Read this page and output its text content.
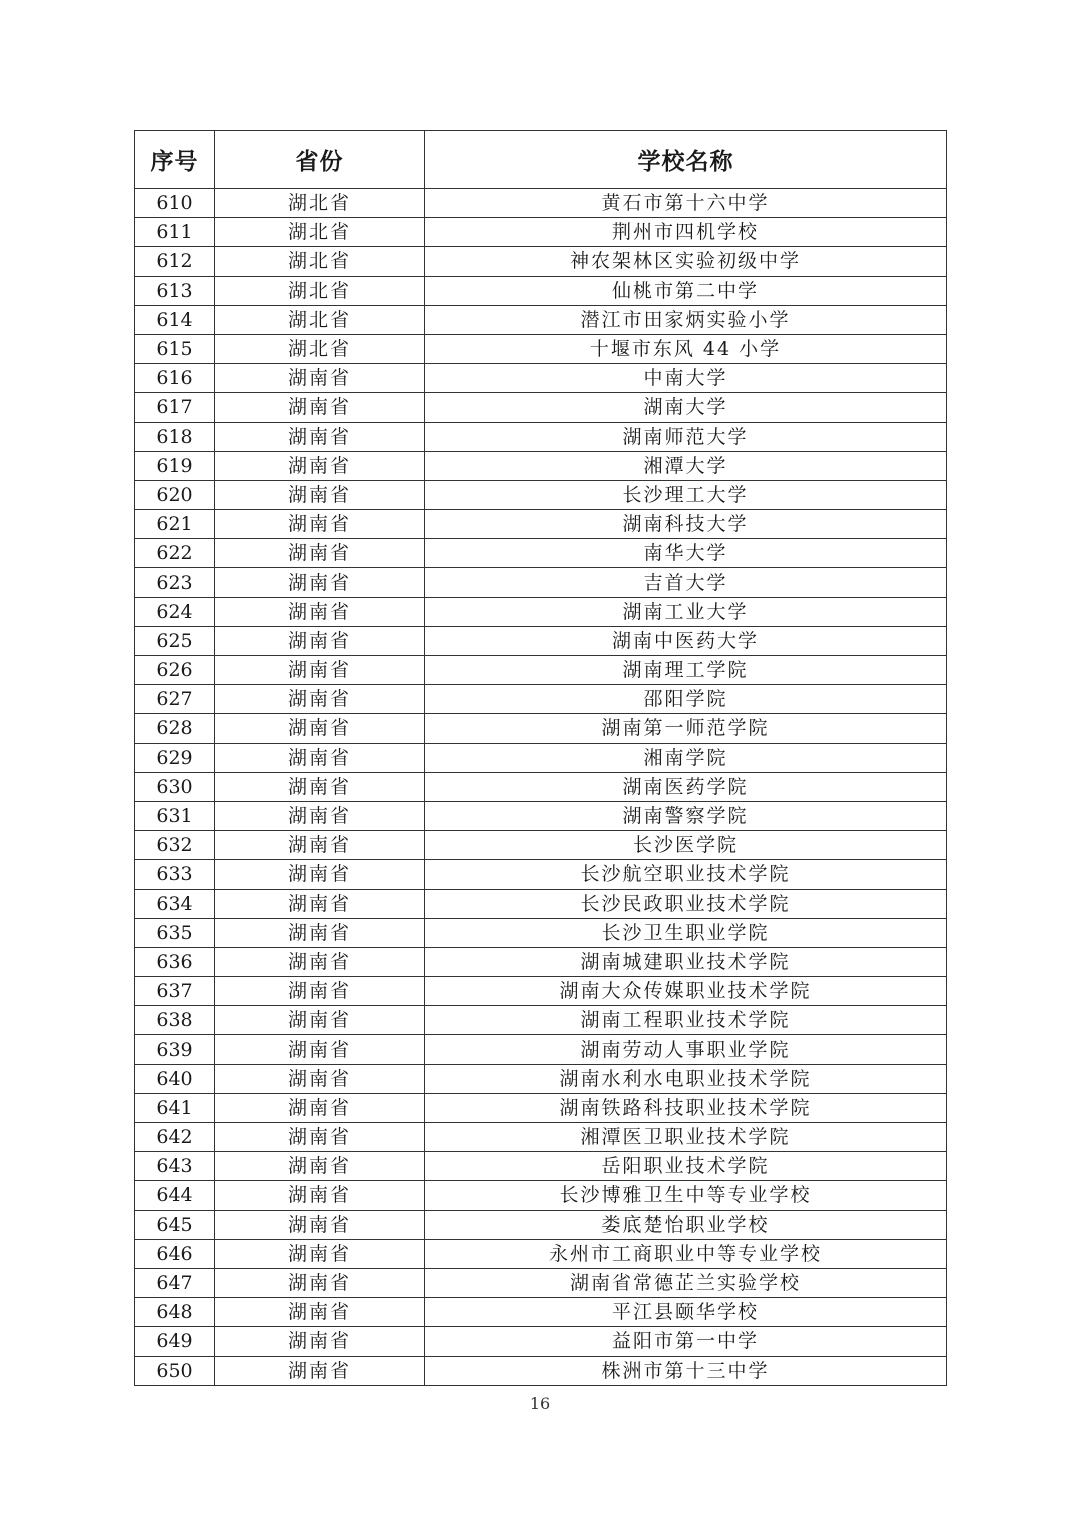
序号	省份	学校名称
610	湖北省	黄石市第十六中学
611	湖北省	荆州市四机学校
612	湖北省	神农架林区实验初级中学
613	湖北省	仙桃市第二中学
614	湖北省	潜江市田家炳实验小学
615	湖北省	十堰市东风 44 小学
616	湖南省	中南大学
617	湖南省	湖南大学
618	湖南省	湖南师范大学
619	湖南省	湘潭大学
620	湖南省	长沙理工大学
621	湖南省	湖南科技大学
622	湖南省	南华大学
623	湖南省	吉首大学
624	湖南省	湖南工业大学
625	湖南省	湖南中医药大学
626	湖南省	湖南理工学院
627	湖南省	邵阳学院
628	湖南省	湖南第一师范学院
629	湖南省	湘南学院
630	湖南省	湖南医药学院
631	湖南省	湖南警察学院
632	湖南省	长沙医学院
633	湖南省	长沙航空职业技术学院
634	湖南省	长沙民政职业技术学院
635	湖南省	长沙卫生职业学院
636	湖南省	湖南城建职业技术学院
637	湖南省	湖南大众传媒职业技术学院
638	湖南省	湖南工程职业技术学院
639	湖南省	湖南劳动人事职业学院
640	湖南省	湖南水利水电职业技术学院
641	湖南省	湖南铁路科技职业技术学院
642	湖南省	湘潭医卫职业技术学院
643	湖南省	岳阳职业技术学院
644	湖南省	长沙博雅卫生中等专业学校
645	湖南省	娄底楚怡职业学校
646	湖南省	永州市工商职业中等专业学校
647	湖南省	湖南省常德芷兰实验学校
648	湖南省	平江县颐华学校
649	湖南省	益阳市第一中学
650	湖南省	株洲市第十三中学
16
